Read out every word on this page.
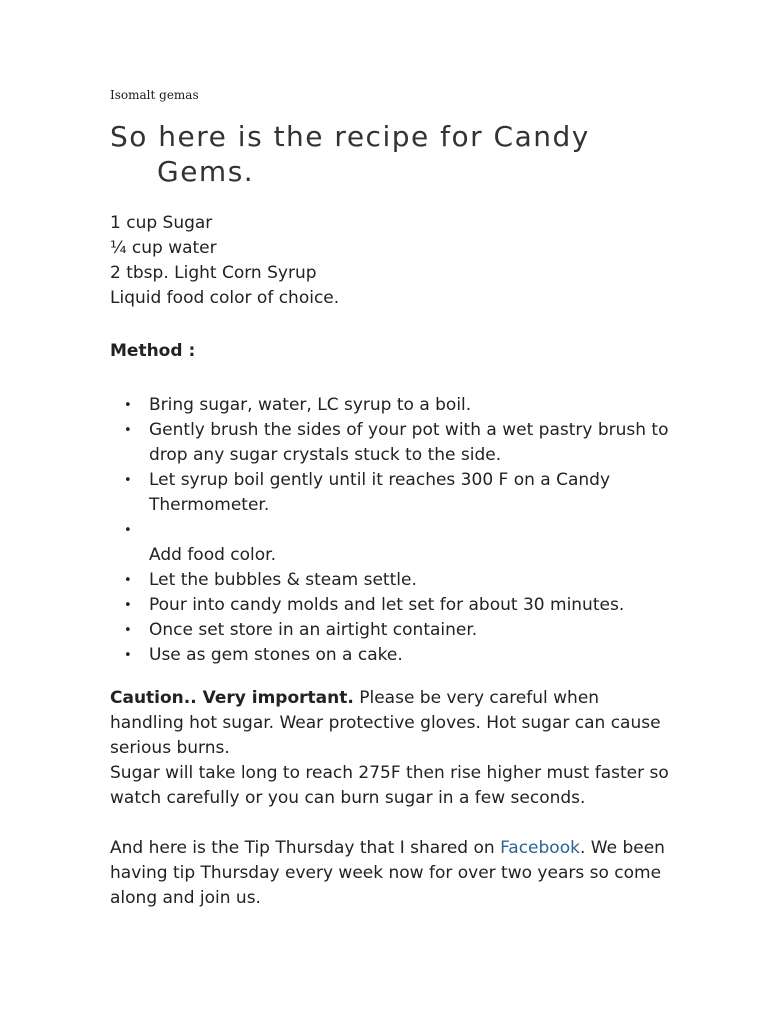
Isomalt gemas

So here is the recipe for Candy Gems.
1 cup Sugar
¼ cup water
2 tbsp. Light Corn Syrup
Liquid food color of choice.
Method :
• Bring sugar, water, LC syrup to a boil.
• Gently brush the sides of your pot with a wet pastry brush to drop any sugar crystals stuck to the side.
• Let syrup boil gently until it reaches 300 F on a Candy Thermometer.
•
Add food color.
• Let the bubbles & steam settle.
• Pour into candy molds and let set for about 30 minutes.
• Once set store in an airtight container.
• Use as gem stones on a cake.
Caution.. Very important. Please be very careful when handling hot sugar. Wear protective gloves. Hot sugar can cause serious burns.
Sugar will take long to reach 275F then rise higher must faster so watch carefully or you can burn sugar in a few seconds.
And here is the Tip Thursday that I shared on Facebook. We been having tip Thursday every week now for over two years so come along and join us.
